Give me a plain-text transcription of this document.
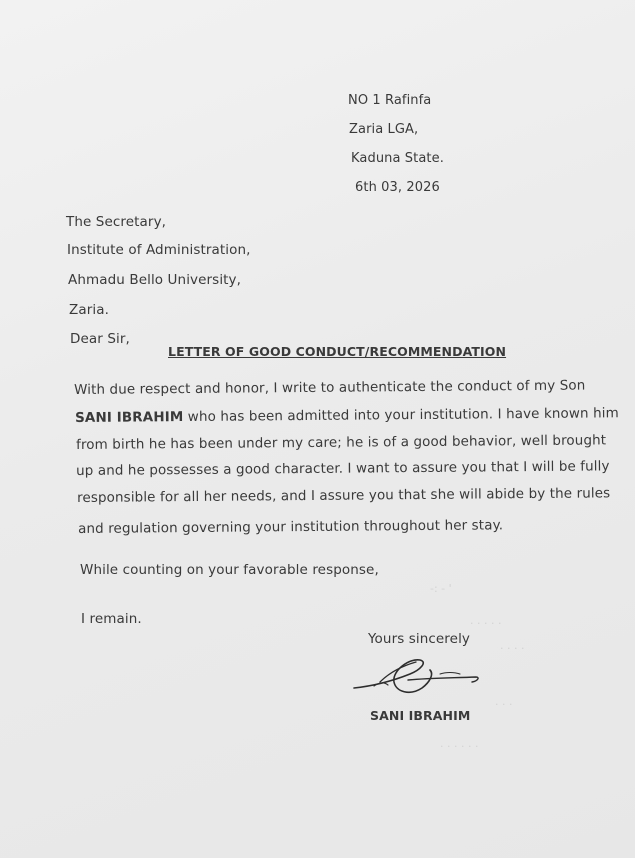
-: - '
· · · · ·
· · · ·
· · ·
· · · · · ·
NO 1 Rafinfa
Zaria LGA,
Kaduna State.
6th 03, 2026
The Secretary,
Institute of Administration,
Ahmadu Bello University,
Zaria.
Dear Sir,
LETTER OF GOOD CONDUCT/RECOMMENDATION
With due respect and honor, I write to authenticate the conduct of my Son
SANI IBRAHIM who has been admitted into your institution. I have known him
from birth he has been under my care; he is of a good behavior, well brought
up and he possesses a good character. I want to assure you that I will be fully
responsible for all her needs, and I assure you that she will abide by the rules
and regulation governing your institution throughout her stay.
While counting on your favorable response,
I remain.
Yours sincerely
SANI IBRAHIM
